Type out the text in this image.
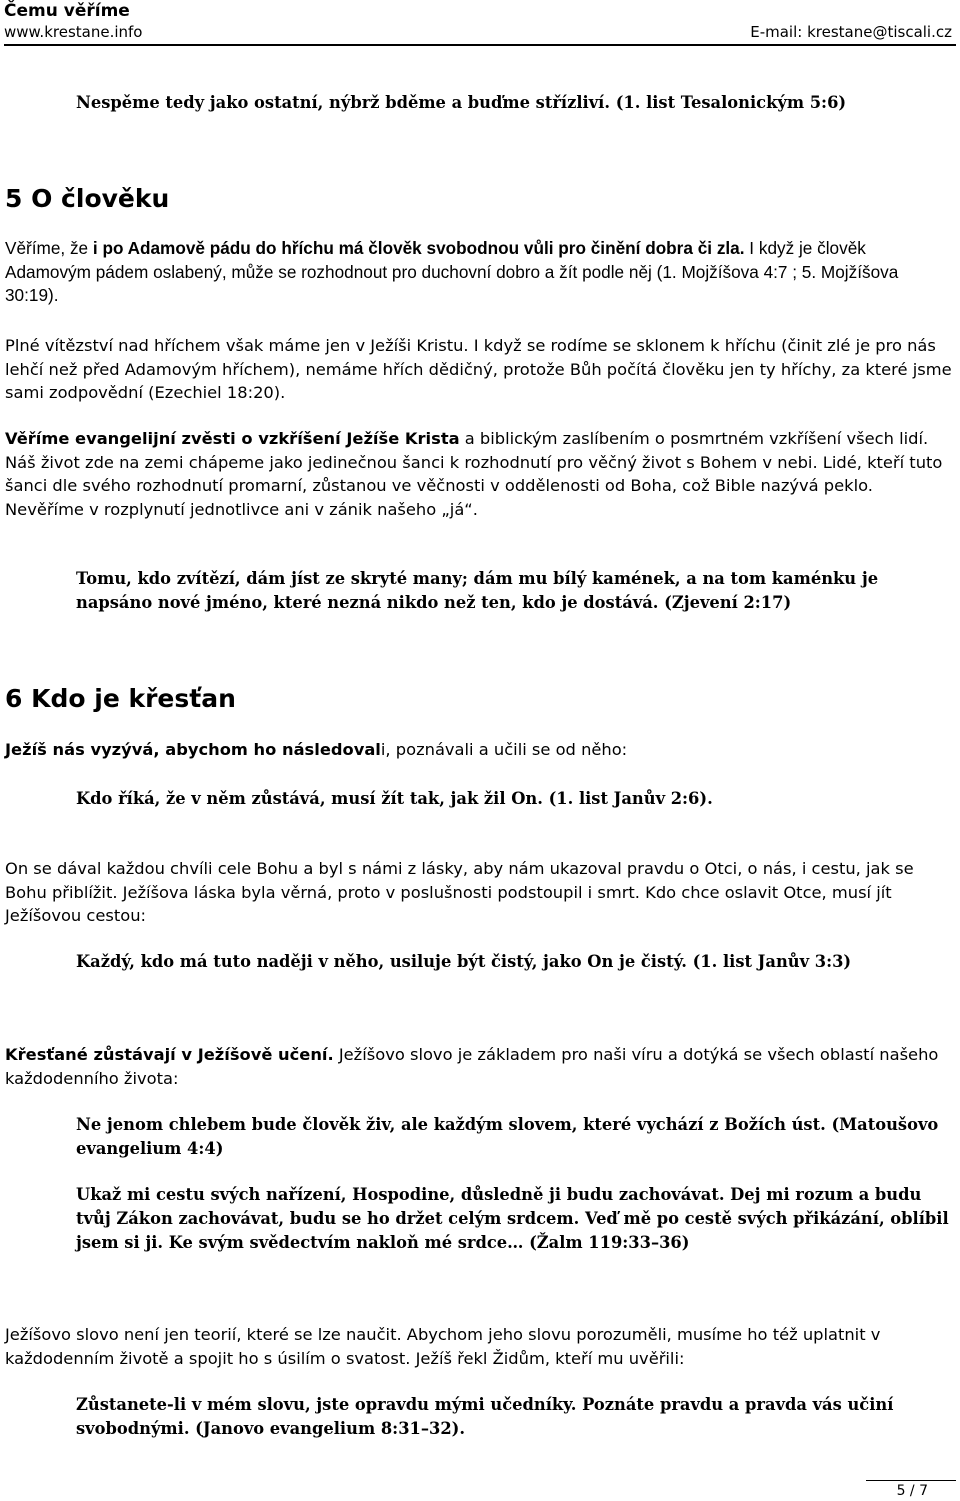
Čemu věříme
www.krestane.info	E-mail: krestane@tiscali.cz

Nespěme tedy jako ostatní, nýbrž bděme a buďme střízliví. (1. list Tesalonickým 5:6)

5 O člověku

Věříme, že i po Adamově pádu do hříchu má člověk svobodnou vůli pro činění dobra či zla. I když je člověk Adamovým pádem oslabený, může se rozhodnout pro duchovní dobro a žít podle něj (1. Mojžíšova 4:7 ; 5. Mojžíšova 30:19).

Plné vítězství nad hříchem však máme jen v Ježíši Kristu. I když se rodíme se sklonem k hříchu (činit zlé je pro nás lehčí než před Adamovým hříchem), nemáme hřích dědičný, protože Bůh počítá člověku jen ty hříchy, za které jsme sami zodpovědní (Ezechiel 18:20).

Věříme evangelijní zvěsti o vzkříšení Ježíše Krista a biblickým zaslíbením o posmrtném vzkříšení všech lidí. Náš život zde na zemi chápeme jako jedinečnou šanci k rozhodnutí pro věčný život s Bohem v nebi. Lidé, kteří tuto šanci dle svého rozhodnutí promarní, zůstanou ve věčnosti v oddělenosti od Boha, což Bible nazývá peklo. Nevěříme v rozplynutí jednotlivce ani v zánik našeho „já“.

Tomu, kdo zvítězí, dám jíst ze skryté many; dám mu bílý kamének, a na tom kaménku je napsáno nové jméno, které nezná nikdo než ten, kdo je dostává. (Zjevení 2:17)

6 Kdo je křesťan

Ježíš nás vyzývá, abychom ho následovali, poznávali a učili se od něho:

Kdo říká, že v něm zůstává, musí žít tak, jak žil On. (1. list Janův 2:6).

On se dával každou chvíli cele Bohu a byl s námi z lásky, aby nám ukazoval pravdu o Otci, o nás, i cestu, jak se Bohu přiblížit. Ježíšova láska byla věrná, proto v poslušnosti podstoupil i smrt. Kdo chce oslavit Otce, musí jít Ježíšovou cestou:

Každý, kdo má tuto naději v něho, usiluje být čistý, jako On je čistý. (1. list Janův 3:3)

Křesťané zůstávají v Ježíšově učení. Ježíšovo slovo je základem pro naši víru a dotýká se všech oblastí našeho každodenního života:

Ne jenom chlebem bude člověk živ, ale každým slovem, které vychází z Božích úst. (Matoušovo evangelium 4:4)

Ukaž mi cestu svých nařízení, Hospodine, důsledně ji budu zachovávat. Dej mi rozum a budu tvůj Zákon zachovávat, budu se ho držet celým srdcem. Veď mě po cestě svých přikázání, oblíbil jsem si ji. Ke svým svědectvím nakloň mé srdce… (Žalm 119:33–36)

Ježíšovo slovo není jen teorií, které se lze naučit. Abychom jeho slovu porozuměli, musíme ho též uplatnit v každodenním životě a spojit ho s úsilím o svatost. Ježíš řekl Židům, kteří mu uvěřili:

Zůstanete-li v mém slovu, jste opravdu mými učedníky. Poznáte pravdu a pravda vás učiní svobodnými. (Janovo evangelium 8:31–32).

5 / 7
